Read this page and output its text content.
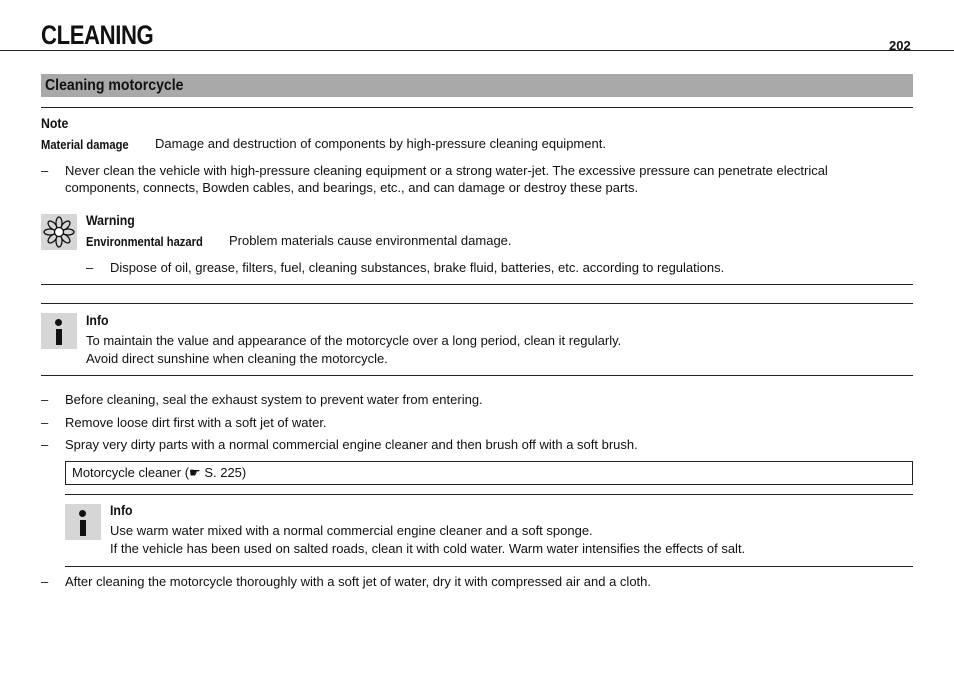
CLEANING	202
Cleaning motorcycle
Note
Material damage Damage and destruction of components by high-pressure cleaning equipment.
– Never clean the vehicle with high-pressure cleaning equipment or a strong water-jet. The excessive pressure can penetrate electrical
components, connects, Bowden cables, and bearings, etc., and can damage or destroy these parts.
Warning
Environmental hazard Problem materials cause environmental damage.
– Dispose of oil, grease, filters, fuel, cleaning substances, brake fluid, batteries, etc. according to regulations.
Info
To maintain the value and appearance of the motorcycle over a long period, clean it regularly.
Avoid direct sunshine when cleaning the motorcycle.
– Before cleaning, seal the exhaust system to prevent water from entering.
– Remove loose dirt first with a soft jet of water.
– Spray very dirty parts with a normal commercial engine cleaner and then brush off with a soft brush.
Motorcycle cleaner (☛ S. 225)
Info
Use warm water mixed with a normal commercial engine cleaner and a soft sponge.
If the vehicle has been used on salted roads, clean it with cold water. Warm water intensifies the effects of salt.
– After cleaning the motorcycle thoroughly with a soft jet of water, dry it with compressed air and a cloth.
